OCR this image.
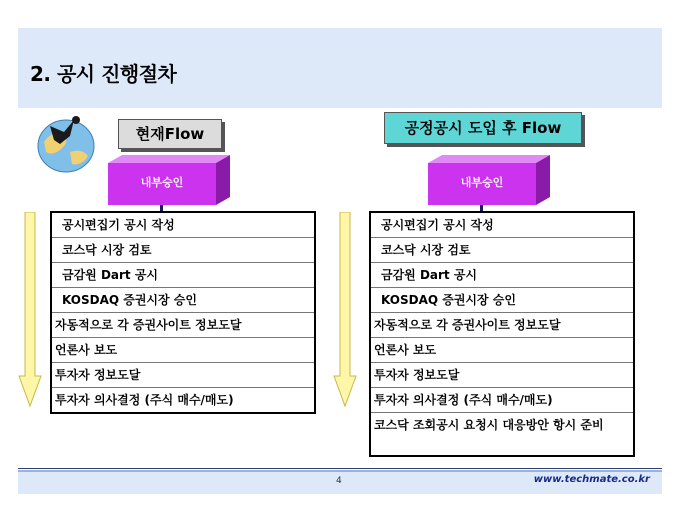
2. 공시 진행절차
현재Flow	공정공시 도입 후 Flow
내부승인	내부승인
공시편집기 공시 작성
코스닥 시장 검토
금감원 Dart 공시
KOSDAQ 증권시장 승인
자동적으로 각 증권사이트 정보도달
언론사 보도
투자자 정보도달
투자자 의사결정 (주식 매수/매도)
공시편집기 공시 작성
코스닥 시장 검토
금감원 Dart 공시
KOSDAQ 증권시장 승인
자동적으로 각 증권사이트 정보도달
언론사 보도
투자자 정보도달
투자자 의사결정 (주식 매수/매도)
코스닥 조회공시 요청시 대응방안 항시 준비
4	www.techmate.co.kr
